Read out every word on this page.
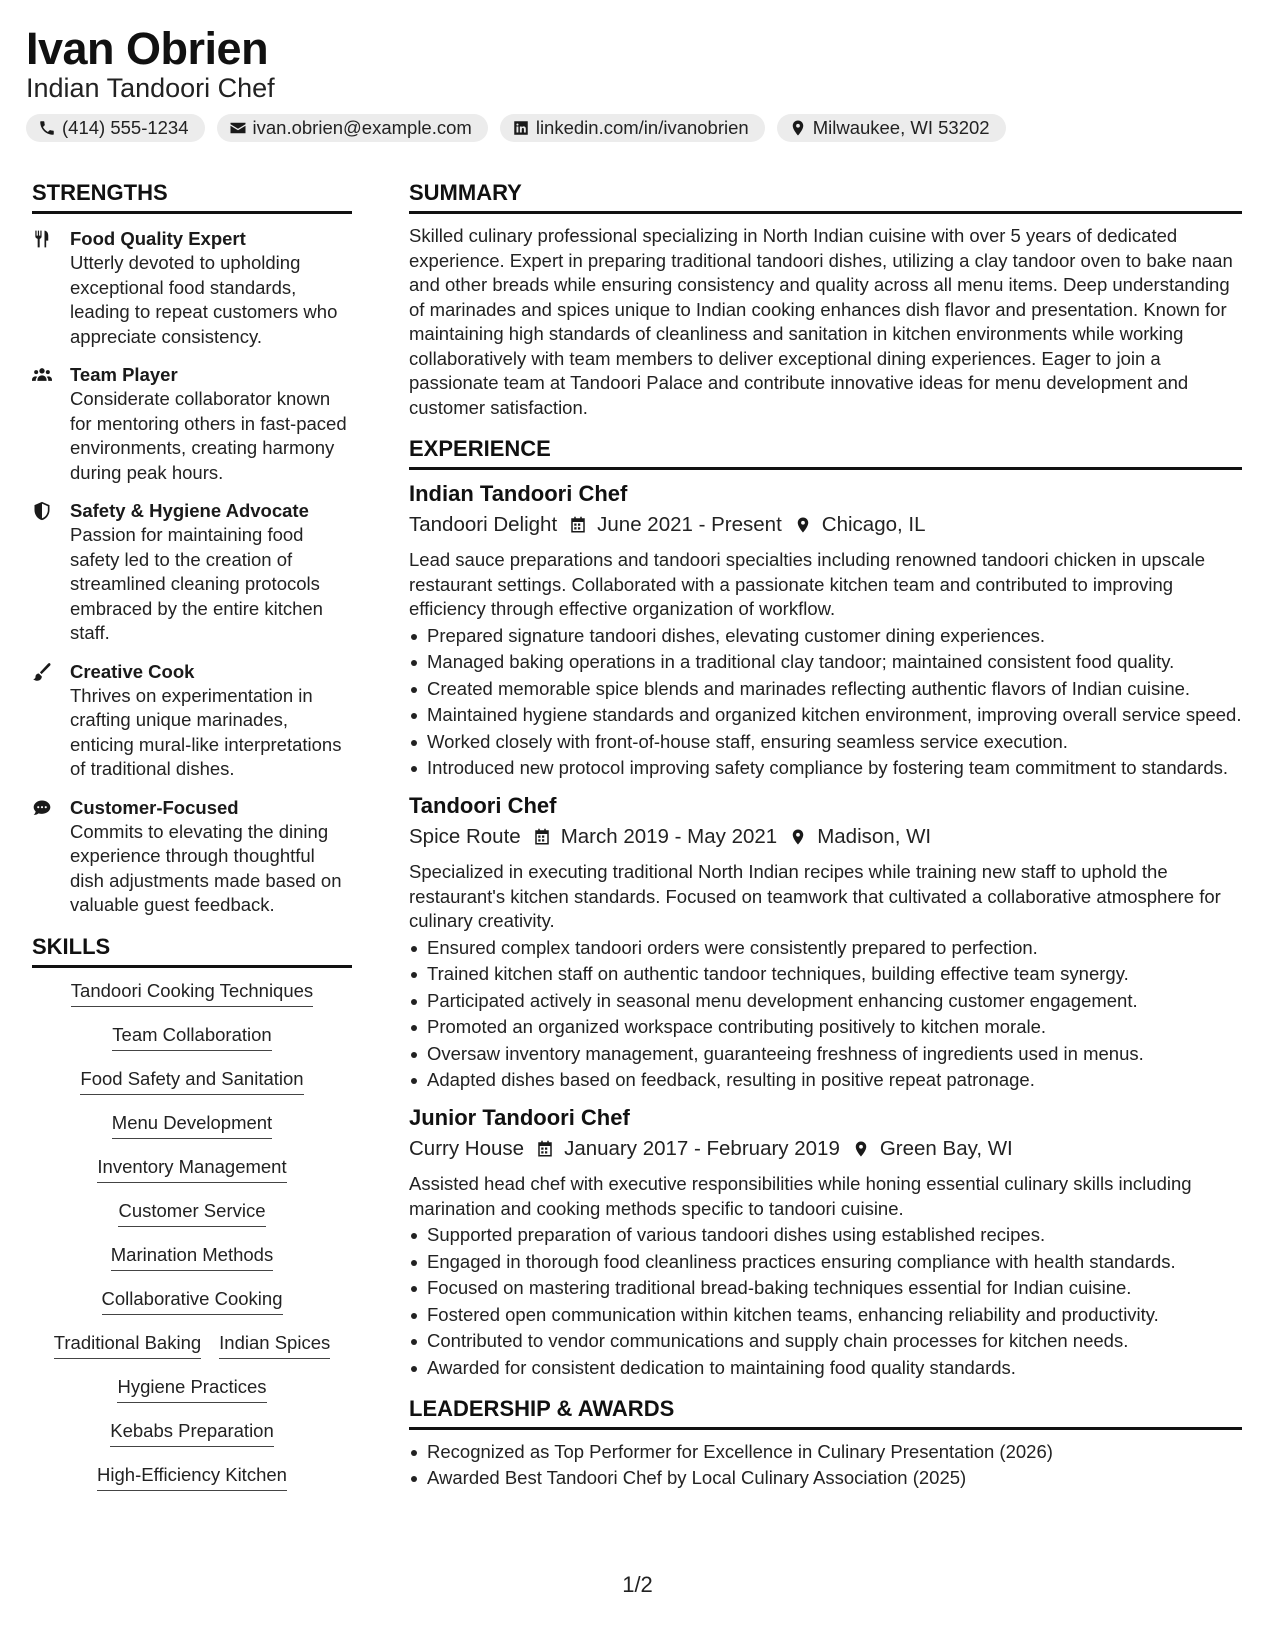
Ivan Obrien
Indian Tandoori Chef
(414) 555-1234	ivan.obrien@example.com	linkedin.com/in/ivanobrien	Milwaukee, WI 53202
STRENGTHS
Food Quality Expert
Utterly devoted to upholding exceptional food standards, leading to repeat customers who appreciate consistency.
Team Player
Considerate collaborator known for mentoring others in fast-paced environments, creating harmony during peak hours.
Safety & Hygiene Advocate
Passion for maintaining food safety led to the creation of streamlined cleaning protocols embraced by the entire kitchen staff.
Creative Cook
Thrives on experimentation in crafting unique marinades, enticing mural-like interpretations of traditional dishes.
Customer-Focused
Commits to elevating the dining experience through thoughtful dish adjustments made based on valuable guest feedback.
SKILLS
Tandoori Cooking Techniques
Team Collaboration
Food Safety and Sanitation
Menu Development
Inventory Management
Customer Service
Marination Methods
Collaborative Cooking
Traditional Baking Indian Spices
Hygiene Practices
Kebabs Preparation
High-Efficiency Kitchen
SUMMARY
Skilled culinary professional specializing in North Indian cuisine with over 5 years of dedicated experience. Expert in preparing traditional tandoori dishes, utilizing a clay tandoor oven to bake naan and other breads while ensuring consistency and quality across all menu items. Deep understanding of marinades and spices unique to Indian cooking enhances dish flavor and presentation. Known for maintaining high standards of cleanliness and sanitation in kitchen environments while working collaboratively with team members to deliver exceptional dining experiences. Eager to join a passionate team at Tandoori Palace and contribute innovative ideas for menu development and customer satisfaction.
EXPERIENCE
Indian Tandoori Chef
Tandoori Delight June 2021 - Present Chicago, IL
Lead sauce preparations and tandoori specialties including renowned tandoori chicken in upscale restaurant settings. Collaborated with a passionate kitchen team and contributed to improving efficiency through effective organization of workflow.
Prepared signature tandoori dishes, elevating customer dining experiences.
Managed baking operations in a traditional clay tandoor; maintained consistent food quality.
Created memorable spice blends and marinades reflecting authentic flavors of Indian cuisine.
Maintained hygiene standards and organized kitchen environment, improving overall service speed.
Worked closely with front-of-house staff, ensuring seamless service execution.
Introduced new protocol improving safety compliance by fostering team commitment to standards.
Tandoori Chef
Spice Route March 2019 - May 2021 Madison, WI
Specialized in executing traditional North Indian recipes while training new staff to uphold the restaurant's kitchen standards. Focused on teamwork that cultivated a collaborative atmosphere for culinary creativity.
Ensured complex tandoori orders were consistently prepared to perfection.
Trained kitchen staff on authentic tandoor techniques, building effective team synergy.
Participated actively in seasonal menu development enhancing customer engagement.
Promoted an organized workspace contributing positively to kitchen morale.
Oversaw inventory management, guaranteeing freshness of ingredients used in menus.
Adapted dishes based on feedback, resulting in positive repeat patronage.
Junior Tandoori Chef
Curry House January 2017 - February 2019 Green Bay, WI
Assisted head chef with executive responsibilities while honing essential culinary skills including marination and cooking methods specific to tandoori cuisine.
Supported preparation of various tandoori dishes using established recipes.
Engaged in thorough food cleanliness practices ensuring compliance with health standards.
Focused on mastering traditional bread-baking techniques essential for Indian cuisine.
Fostered open communication within kitchen teams, enhancing reliability and productivity.
Contributed to vendor communications and supply chain processes for kitchen needs.
Awarded for consistent dedication to maintaining food quality standards.
LEADERSHIP & AWARDS
Recognized as Top Performer for Excellence in Culinary Presentation (2026)
Awarded Best Tandoori Chef by Local Culinary Association (2025)
1/2
